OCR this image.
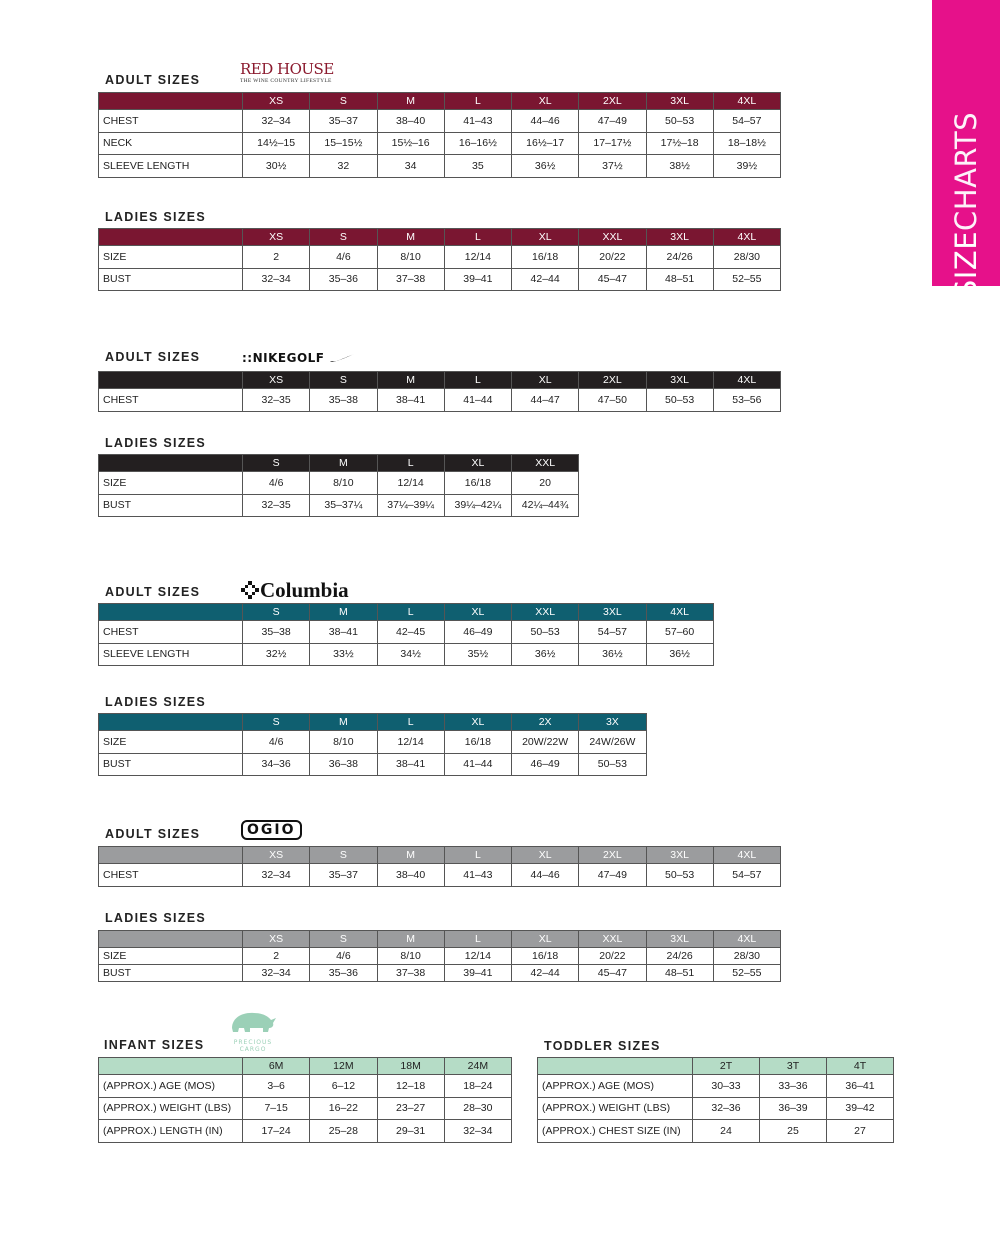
SIZECHARTS
ADULT SIZES
RED HOUSE
THE WINE COUNTRY LIFESTYLE
	XS	S	M	L	XL	2XL	3XL	4XL
CHEST	32–34	35–37	38–40	41–43	44–46	47–49	50–53	54–57
NECK	14½–15	15–15½	15½–16	16–16½	16½–17	17–17½	17½–18	18–18½
SLEEVE LENGTH	30½	32	34	35	36½	37½	38½	39½
LADIES SIZES
	XS	S	M	L	XL	XXL	3XL	4XL
SIZE	2	4/6	8/10	12/14	16/18	20/22	24/26	28/30
BUST	32–34	35–36	37–38	39–41	42–44	45–47	48–51	52–55
ADULT SIZES	::NIKEGOLF
	XS	S	M	L	XL	2XL	3XL	4XL
CHEST	32–35	35–38	38–41	41–44	44–47	47–50	50–53	53–56
LADIES SIZES
	S	M	L	XL	XXL
SIZE	4/6	8/10	12/14	16/18	20
BUST	32–35	35–37¼	37¼–39¼	39¼–42¼	42¼–44¾
ADULT SIZES	Columbia
	S	M	L	XL	XXL	3XL	4XL
CHEST	35–38	38–41	42–45	46–49	50–53	54–57	57–60
SLEEVE LENGTH	32½	33½	34½	35½	36½	36½	36½
LADIES SIZES
	S	M	L	XL	2X	3X
SIZE	4/6	8/10	12/14	16/18	20W/22W	24W/26W
BUST	34–36	36–38	38–41	41–44	46–49	50–53
ADULT SIZES	OGIO
	XS	S	M	L	XL	2XL	3XL	4XL
CHEST	32–34	35–37	38–40	41–43	44–46	47–49	50–53	54–57
LADIES SIZES
	XS	S	M	L	XL	XXL	3XL	4XL
SIZE	2	4/6	8/10	12/14	16/18	20/22	24/26	28/30
BUST	32–34	35–36	37–38	39–41	42–44	45–47	48–51	52–55
PRECIOUS
CARGO
INFANT SIZES
	6M	12M	18M	24M
(APPROX.) AGE (MOS)	3–6	6–12	12–18	18–24
(APPROX.) WEIGHT (LBS)	7–15	16–22	23–27	28–30
(APPROX.) LENGTH (IN)	17–24	25–28	29–31	32–34
TODDLER SIZES
	2T	3T	4T
(APPROX.) AGE (MOS)	30–33	33–36	36–41
(APPROX.) WEIGHT (LBS)	32–36	36–39	39–42
(APPROX.) CHEST SIZE (IN)	24	25	27
